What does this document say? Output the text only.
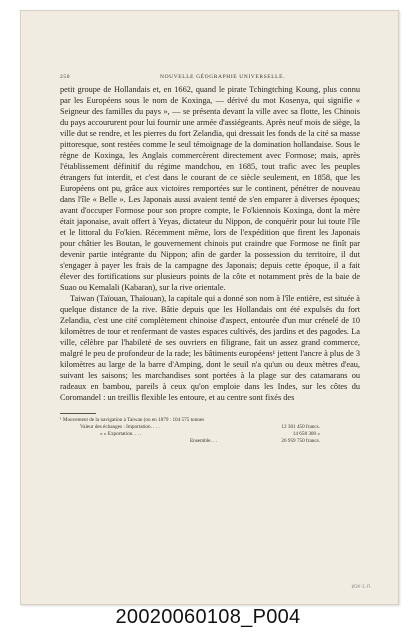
250	NOUVELLE GÉOGRAPHIE UNIVERSELLE.

petit groupe de Hollandais et, en 1662, quand le pirate Tchingtching Koung, plus connu par les Européens sous le nom de Koxinga, — dérivé du mot Kosenya, qui signifie « Seigneur des familles du pays », — se présenta devant la ville avec sa flotte, les Chinois du pays accoururent pour lui fournir une armée d'assiégeants. Après neuf mois de siège, la ville dut se rendre, et les pierres du fort Zelandia, qui dressait les fonds de la cité sa masse pittoresque, sont restées comme le seul témoignage de la domination hollandaise. Sous le règne de Koxinga, les Anglais commercèrent directement avec Formose; mais, après l'établissement définitif du régime mandchou, en 1685, tout trafic avec les peuples étrangers fut interdit, et c'est dans le courant de ce siècle seulement, en 1858, que les Européens ont pu, grâce aux victoires remportées sur le continent, pénétrer de nouveau dans l'île « Belle ». Les Japonais aussi avaient tenté de s'en emparer à diverses époques; avant d'occuper Formose pour son propre compte, le Fo'kiennois Koxinga, dont la mère était japonaise, avait offert à Yeyas, dictateur du Nippon, de conquérir pour lui toute l'île et le littoral du Fo'kien. Récemment même, lors de l'expédition que firent les Japonais pour châtier les Boutan, le gouvernement chinois put craindre que Formose ne finît par devenir partie intégrante du Nippon; afin de garder la possession du territoire, il dut s'engager à payer les frais de la campagne des Japonais; depuis cette époque, il a fait élever des fortifications sur plusieurs points de la côte et notamment près de la baie de Suao ou Kemalali (Kabaran), sur la rive orientale.

Taiwan (Taïouan, Thaïouan), la capitale qui a donné son nom à l'île entière, est située à quelque distance de la rive. Bâtie depuis que les Hollandais ont été expulsés du fort Zelandia, c'est une cité complètement chinoise d'aspect, entourée d'un mur crénelé de 10 kilomètres de tour et renfermant de vastes espaces cultivés, des jardins et des pagodes. La ville, célèbre par l'habileté de ses ouvriers en filigrane, fait un assez grand commerce, malgré le peu de profondeur de la rade; les bâtiments européens¹ jettent l'ancre à plus de 3 kilomètres au large de la barre d'Amping, dont le seuil n'a qu'un ou deux mètres d'eau, suivant les saisons; les marchandises sont portées à la plage sur des catamarans ou radeaux en bambou, pareils à ceux qu'on emploie dans les Indes, sur les côtes du Coromandel : un treillis flexible les entoure, et au centre sont fixés des

¹ Mouvement de la navigation à Taiwan (ou en 1879 : 104 575 tonnes
Valeur des échanges : Importation. . . .	12 301 450 francs.
» » Exportation. . . .	14 658 300 »
Ensemble. . .	26 959 750 francs.
ИЗУ-1-П
20020060108_P004
